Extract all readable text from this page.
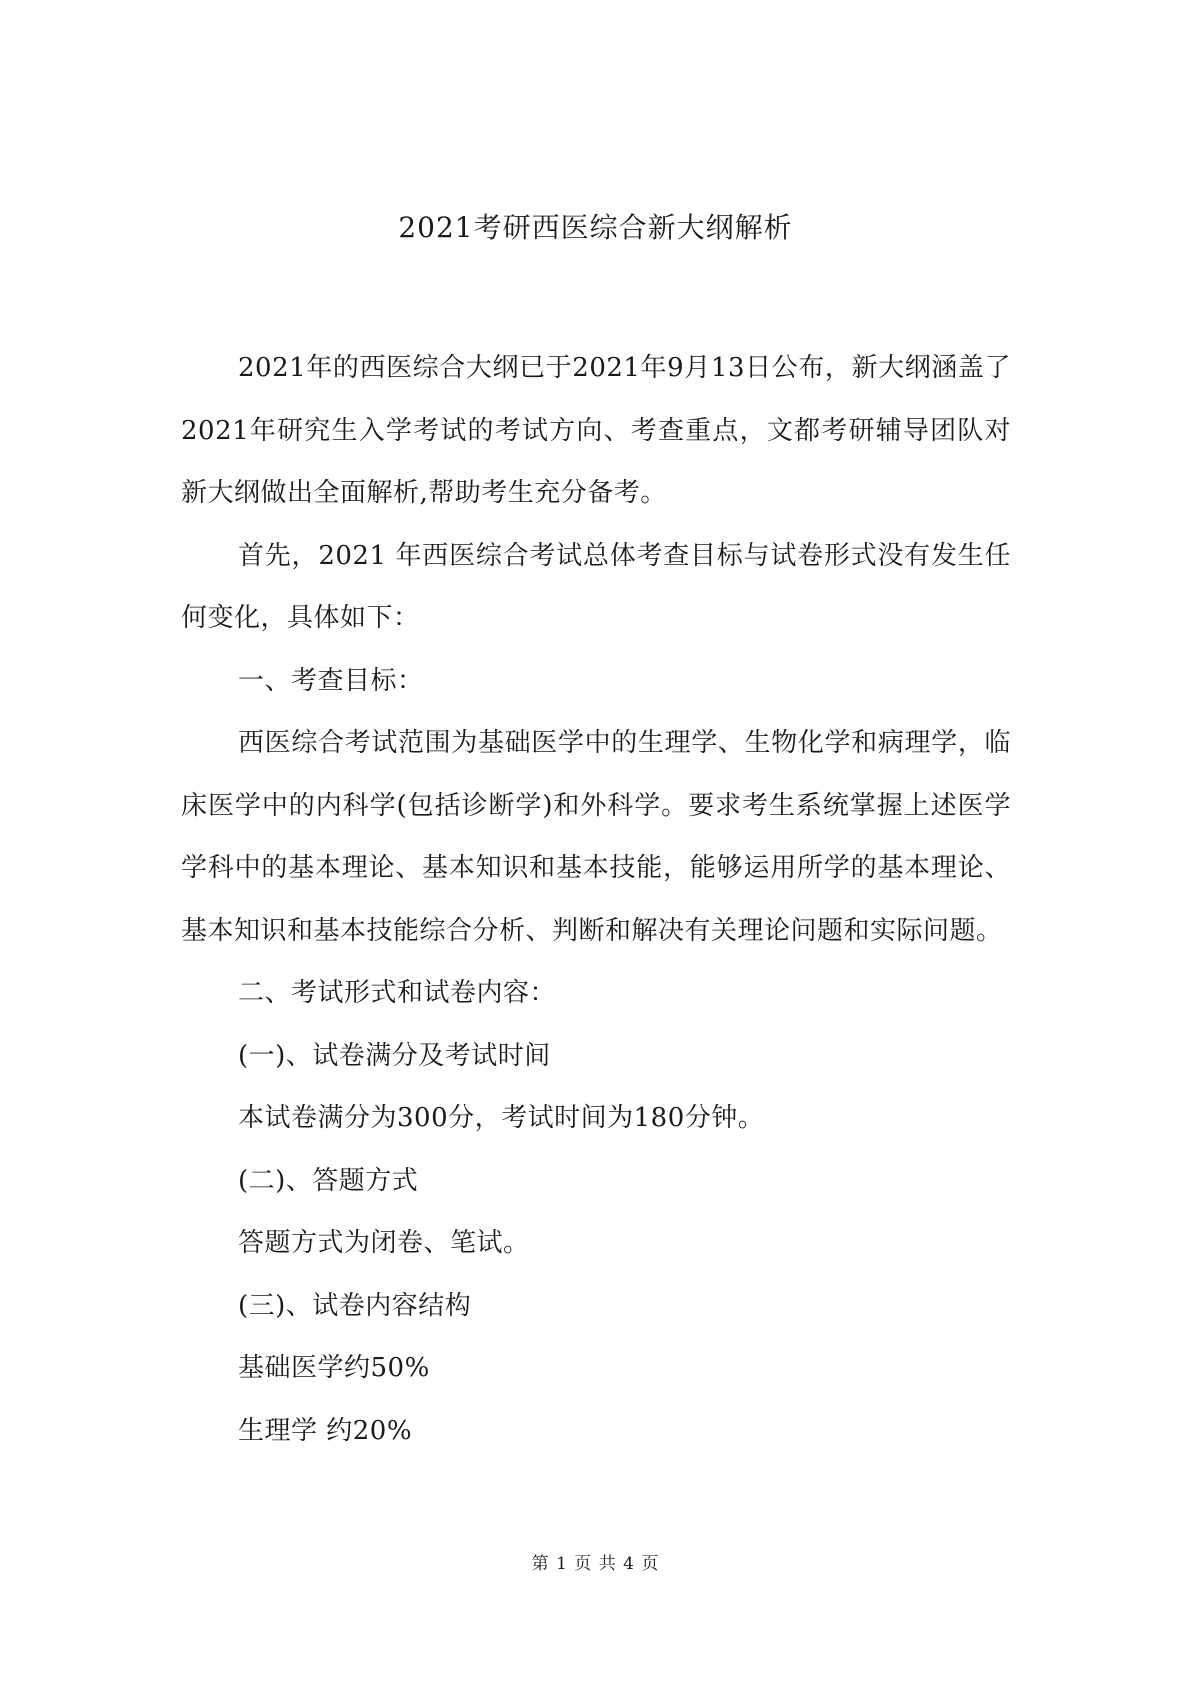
2021考研西医综合新大纲解析

2021年的西医综合大纲已于2021年9月13日公布，新大纲涵盖了2021年研究生入学考试的考试方向、考查重点，文都考研辅导团队对新大纲做出全面解析,帮助考生充分备考。

首先，2021 年西医综合考试总体考查目标与试卷形式没有发生任何变化，具体如下：

一、考查目标：

西医综合考试范围为基础医学中的生理学、生物化学和病理学，临床医学中的内科学(包括诊断学)和外科学。要求考生系统掌握上述医学学科中的基本理论、基本知识和基本技能，能够运用所学的基本理论、基本知识和基本技能综合分析、判断和解决有关理论问题和实际问题。

二、考试形式和试卷内容：

(一)、试卷满分及考试时间

本试卷满分为300分，考试时间为180分钟。

(二)、答题方式

答题方式为闭卷、笔试。

(三)、试卷内容结构

基础医学约50%

生理学 约20%

第 1 页 共 4 页
